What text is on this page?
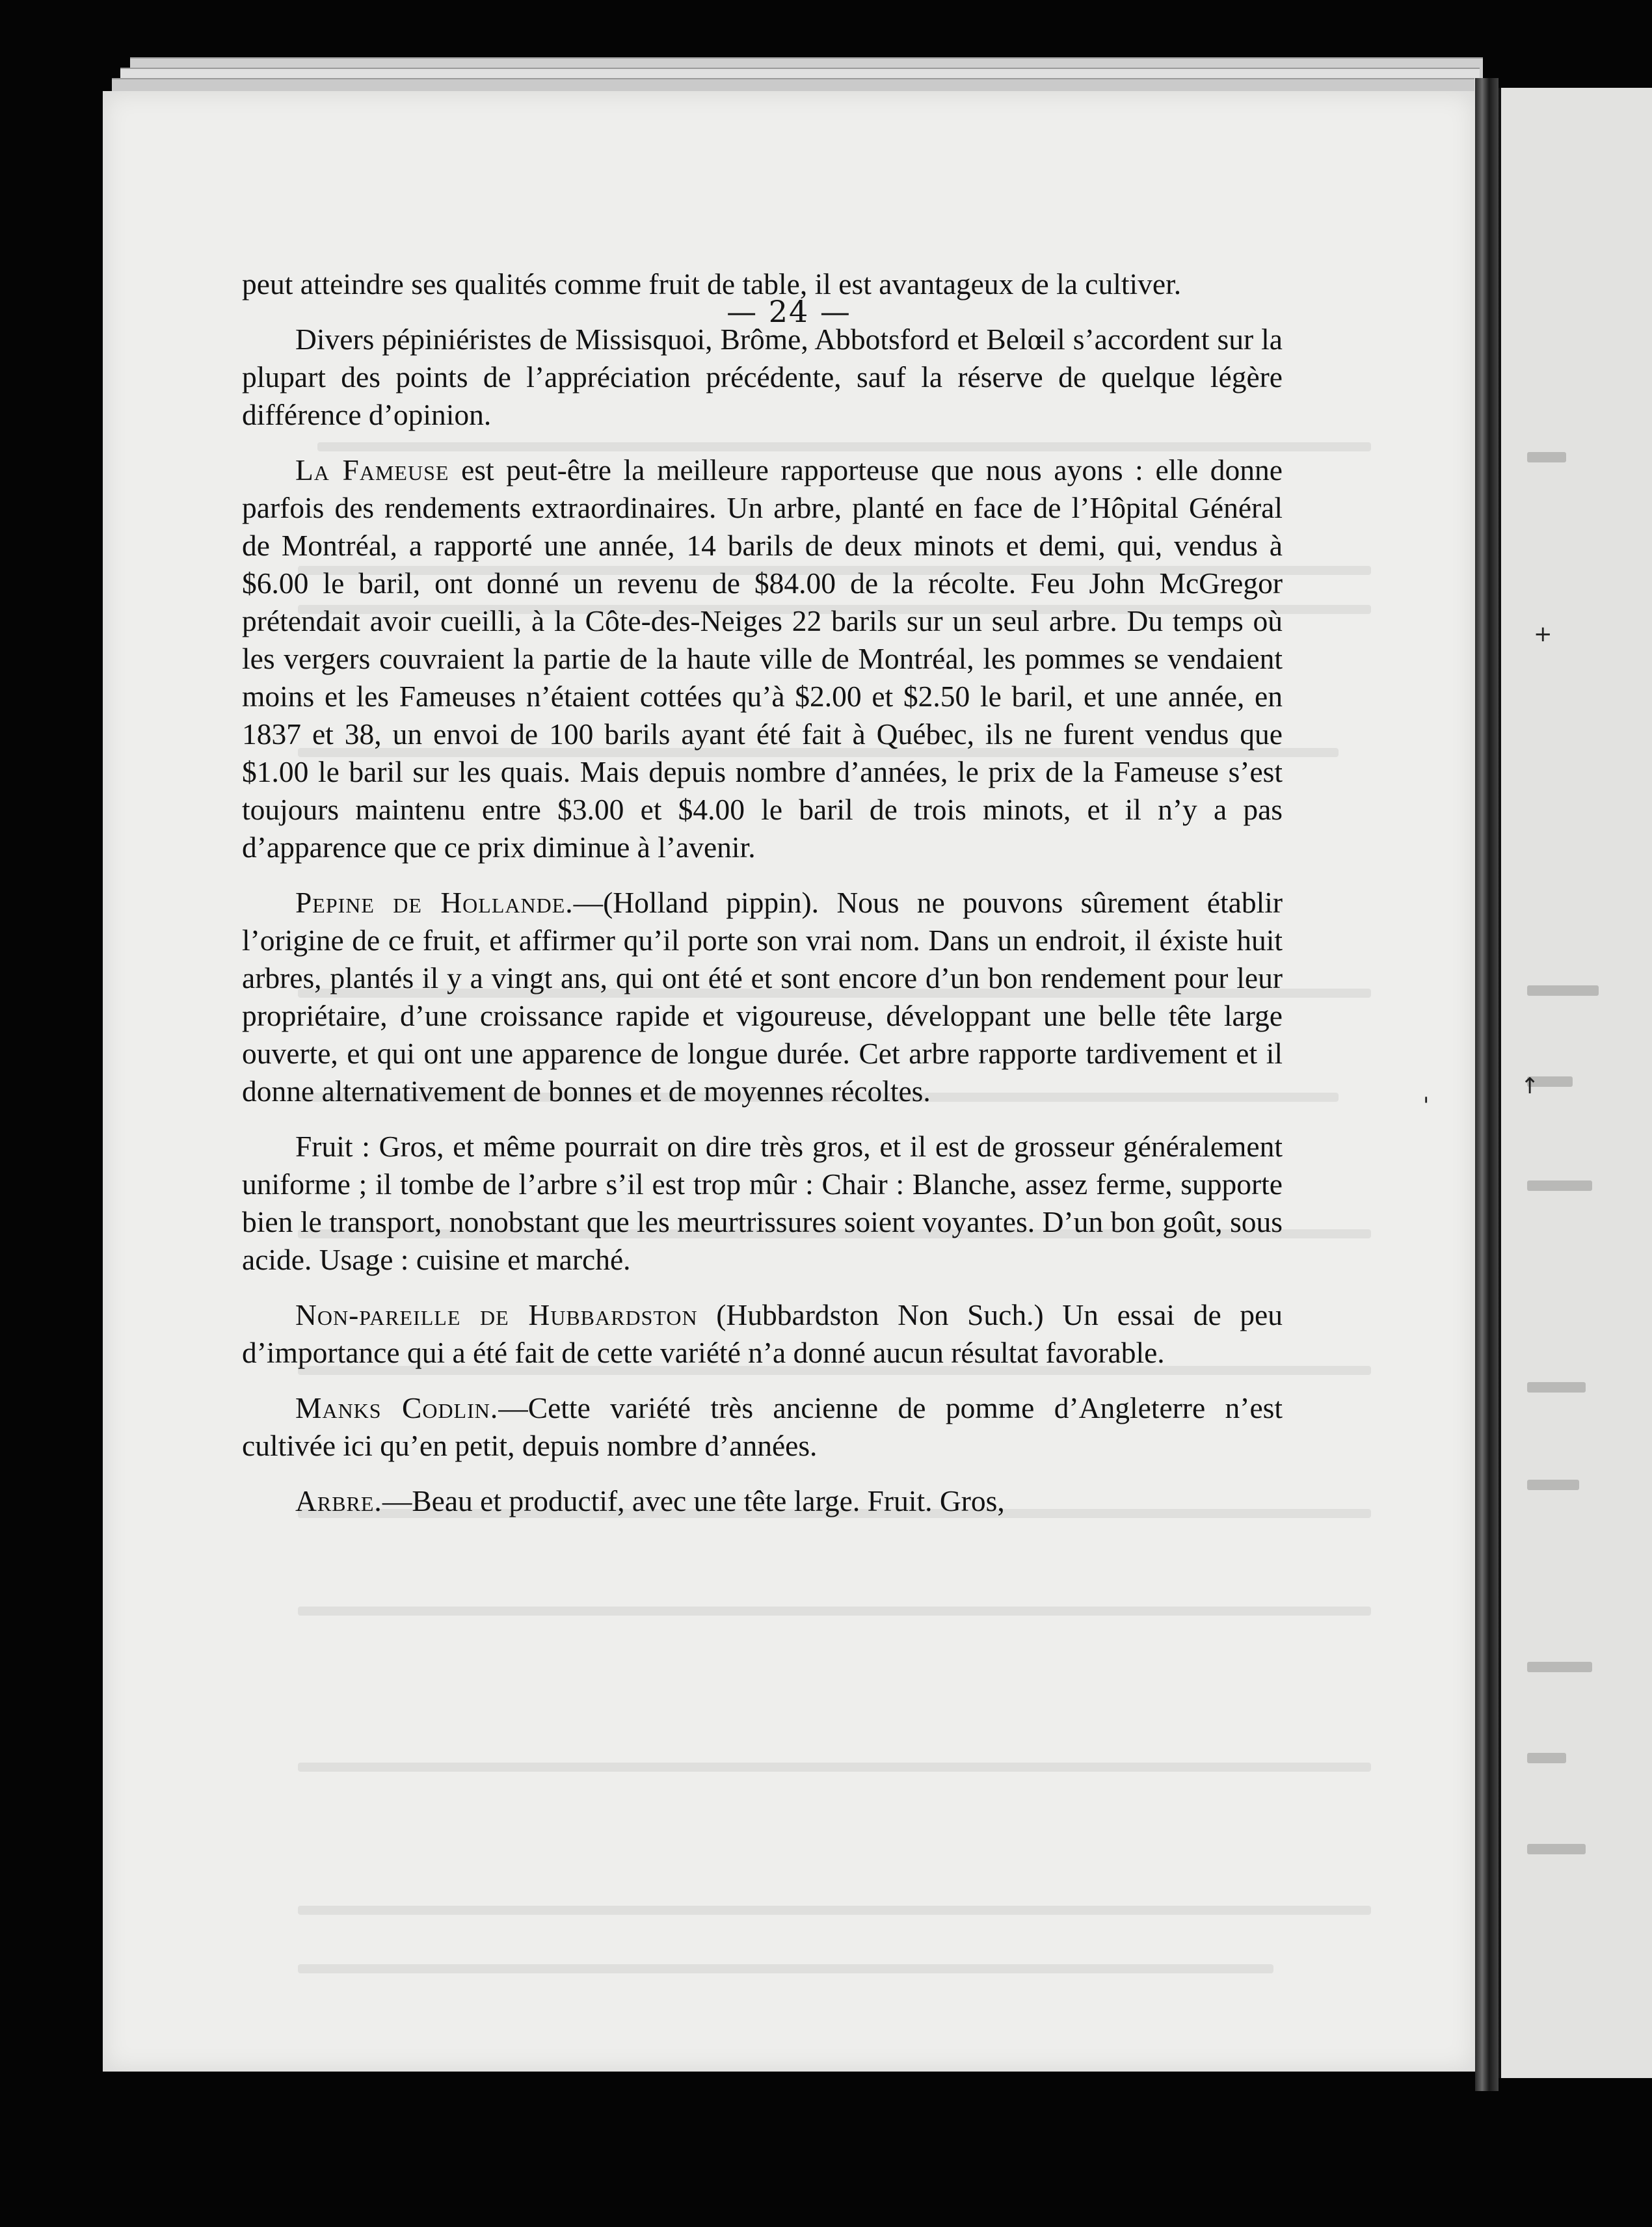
— 24 —

peut atteindre ses qualités comme fruit de table, il est avantageux de la cultiver.

Divers pépiniéristes de Missisquoi, Brôme, Abbotsford et Belœil s’accordent sur la plupart des points de l’appréciation précédente, sauf la réserve de quelque légère différence d’opinion.

La Fameuse est peut-être la meilleure rapporteuse que nous ayons : elle donne parfois des rendements extraordinaires. Un arbre, planté en face de l’Hôpital Général de Montréal, a rapporté une année, 14 barils de deux minots et demi, qui, vendus à $6.00 le baril, ont donné un revenu de $84.00 de la récolte. Feu John McGregor prétendait avoir cueilli, à la Côte-des-Neiges 22 barils sur un seul arbre. Du temps où les vergers couvraient la partie de la haute ville de Montréal, les pommes se vendaient moins et les Fameuses n’étaient cottées qu’à $2.00 et $2.50 le baril, et une année, en 1837 et 38, un envoi de 100 barils ayant été fait à Québec, ils ne furent vendus que $1.00 le baril sur les quais. Mais depuis nombre d’années, le prix de la Fameuse s’est toujours maintenu entre $3.00 et $4.00 le baril de trois minots, et il n’y a pas d’apparence que ce prix diminue à l’avenir.

Pepine de Hollande.—(Holland pippin). Nous ne pouvons sûrement établir l’origine de ce fruit, et affirmer qu’il porte son vrai nom. Dans un endroit, il éxiste huit arbres, plantés il y a vingt ans, qui ont été et sont encore d’un bon rendement pour leur propriétaire, d’une croissance rapide et vigoureuse, développant une belle tête large ouverte, et qui ont une apparence de longue durée. Cet arbre rapporte tardivement et il donne alternativement de bonnes et de moyennes récoltes.

Fruit : Gros, et même pourrait on dire très gros, et il est de grosseur généralement uniforme ; il tombe de l’arbre s’il est trop mûr : Chair : Blanche, assez ferme, supporte bien le transport, nonobstant que les meurtrissures soient voyantes. D’un bon goût, sous acide. Usage : cuisine et marché.

Non-pareille de Hubbardston (Hubbardston Non Such.) Un essai de peu d’importance qui a été fait de cette variété n’a donné aucun résultat favorable.

Manks Codlin.—Cette variété très ancienne de pomme d’Angleterre n’est cultivée ici qu’en petit, depuis nombre d’années.

Arbre.—Beau et productif, avec une tête large. Fruit. Gros,

+
'
↑
